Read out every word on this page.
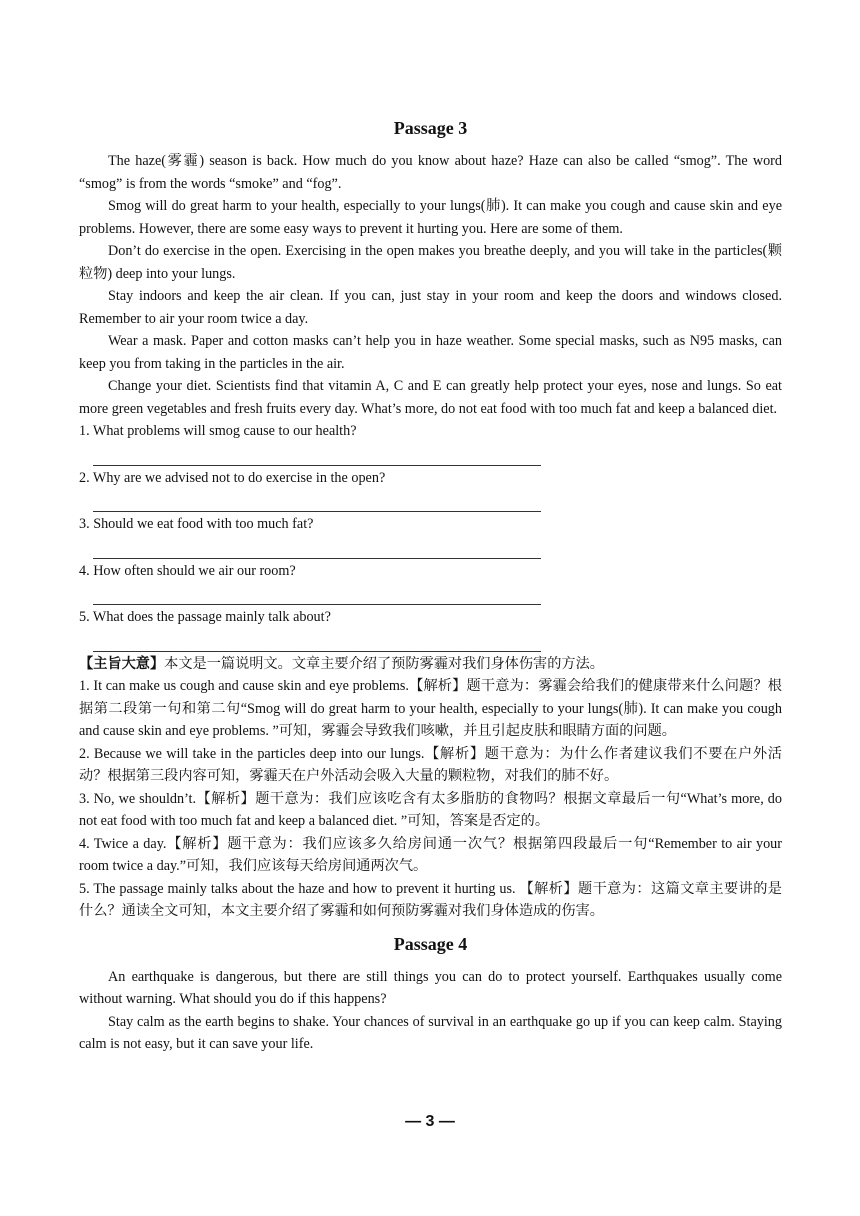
Passage 3

The haze(雾霾) season is back. How much do you know about haze? Haze can also be called “smog”. The word “smog” is from the words “smoke” and “fog”.

Smog will do great harm to your health, especially to your lungs(肺). It can make you cough and cause skin and eye problems. However, there are some easy ways to prevent it hurting you. Here are some of them.

Don’t do exercise in the open. Exercising in the open makes you breathe deeply, and you will take in the particles(颗粒物) deep into your lungs.

Stay indoors and keep the air clean. If you can, just stay in your room and keep the doors and windows closed. Remember to air your room twice a day.

Wear a mask. Paper and cotton masks can’t help you in haze weather. Some special masks, such as N95 masks, can keep you from taking in the particles in the air.

Change your diet. Scientists find that vitamin A, C and E can greatly help protect your eyes, nose and lungs. So eat more green vegetables and fresh fruits every day. What’s more, do not eat food with too much fat and keep a balanced diet.

1. What problems will smog cause to our health?

2. Why are we advised not to do exercise in the open?

3. Should we eat food with too much fat?

4. How often should we air our room?

5. What does the passage mainly talk about?

【主旨大意】本文是一篇说明文。文章主要介绍了预防雾霾对我们身体伤害的方法。

1. It can make us cough and cause skin and eye problems.【解析】题干意为：雾霾会给我们的健康带来什么问题？根据第二段第一句和第二句“Smog will do great harm to your health, especially to your lungs(肺). It can make you cough and cause skin and eye problems. ”可知，雾霾会导致我们咳嗽，并且引起皮肤和眼睛方面的问题。

2. Because we will take in the particles deep into our lungs.【解析】题干意为：为什么作者建议我们不要在户外活动？根据第三段内容可知，雾霾天在户外活动会吸入大量的颗粒物，对我们的肺不好。

3. No, we shouldn’t.【解析】题干意为：我们应该吃含有太多脂肪的食物吗？根据文章最后一句“What’s more, do not eat food with too much fat and keep a balanced diet. ”可知，答案是否定的。

4. Twice a day.【解析】题干意为：我们应该多久给房间通一次气？根据第四段最后一句“Remember to air your room twice a day.”可知，我们应该每天给房间通两次气。

5. The passage mainly talks about the haze and how to prevent it hurting us. 【解析】题干意为：这篇文章主要讲的是什么？通读全文可知，本文主要介绍了雾霾和如何预防雾霾对我们身体造成的伤害。

Passage 4

An earthquake is dangerous, but there are still things you can do to protect yourself. Earthquakes usually come without warning. What should you do if this happens?

Stay calm as the earth begins to shake. Your chances of survival in an earthquake go up if you can keep calm. Staying calm is not easy, but it can save your life.

— 3 —
